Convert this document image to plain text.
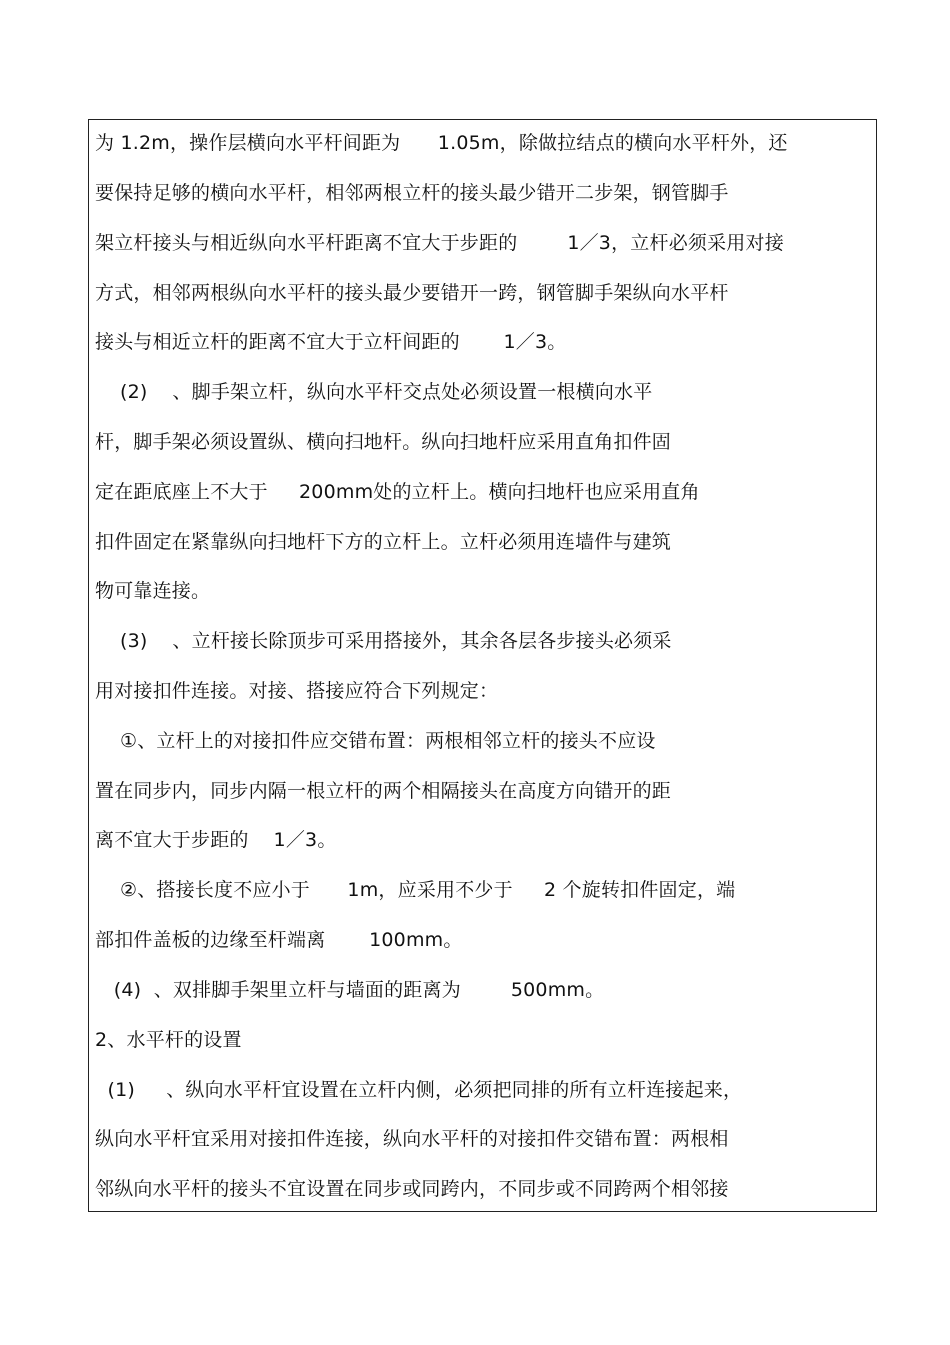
为 1.2m，操作层横向水平杆间距为      1.05m，除做拉结点的横向水平杆外，还
要保持足够的横向水平杆，相邻两根立杆的接头最少错开二步架，钢管脚手
架立杆接头与相近纵向水平杆距离不宜大于步距的        1／3，立杆必须采用对接
方式，相邻两根纵向水平杆的接头最少要错开一跨，钢管脚手架纵向水平杆
接头与相近立杆的距离不宜大于立杆间距的       1／3。
(2)    、脚手架立杆，纵向水平杆交点处必须设置一根横向水平
杆，脚手架必须设置纵、横向扫地杆。纵向扫地杆应采用直角扣件固
定在距底座上不大于     200mm处的立杆上。横向扫地杆也应采用直角
扣件固定在紧靠纵向扫地杆下方的立杆上。立杆必须用连墙件与建筑
物可靠连接。
(3)    、立杆接长除顶步可采用搭接外，其余各层各步接头必须采
用对接扣件连接。对接、搭接应符合下列规定：
①、立杆上的对接扣件应交错布置：两根相邻立杆的接头不应设
置在同步内，同步内隔一根立杆的两个相隔接头在高度方向错开的距
离不宜大于步距的    1／3。
②、搭接长度不应小于      1m，应采用不少于     2 个旋转扣件固定，端
部扣件盖板的边缘至杆端离       100mm。
(4)  、双排脚手架里立杆与墙面的距离为        500mm。
2、水平杆的设置
(1)     、纵向水平杆宜设置在立杆内侧，必须把同排的所有立杆连接起来，
纵向水平杆宜采用对接扣件连接，纵向水平杆的对接扣件交错布置：两根相
邻纵向水平杆的接头不宜设置在同步或同跨内，不同步或不同跨两个相邻接
